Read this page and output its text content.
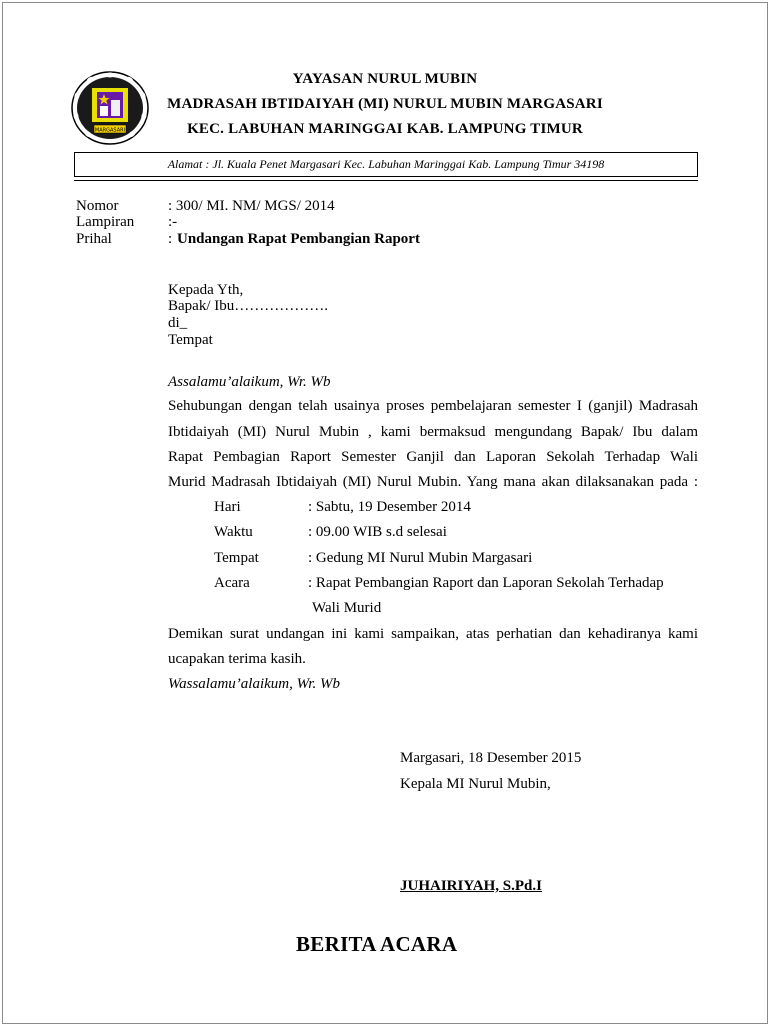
MARGASARI
YAYASAN NURUL MUBIN
MADRASAH IBTIDAIYAH (MI) NURUL MUBIN MARGASARI
KEC. LABUHAN MARINGGAI KAB. LAMPUNG TIMUR
Alamat : Jl. Kuala Penet Margasari Kec. Labuhan Maringgai Kab. Lampung Timur 34198
Nomor	: 300/ MI. NM/ MGS/ 2014
Lampiran :-
Prihal	: Undangan Rapat Pembangian Raport
Kepada Yth,
Bapak/ Ibu……………….
di_
Tempat
Assalamu’alaikum, Wr. Wb
Sehubungan dengan telah usainya proses pembelajaran semester I (ganjil) Madrasah
Ibtidaiyah (MI) Nurul Mubin , kami bermaksud mengundang Bapak/ Ibu dalam
Rapat Pembagian Raport Semester Ganjil dan Laporan Sekolah Terhadap Wali
Murid Madrasah Ibtidaiyah (MI) Nurul Mubin. Yang mana akan dilaksanakan pada :
Hari	: Sabtu, 19 Desember 2014
Waktu	: 09.00 WIB s.d selesai
Tempat	: Gedung MI Nurul Mubin Margasari
Acara	: Rapat Pembangian Raport dan Laporan Sekolah Terhadap
Wali Murid
Demikan surat undangan ini kami sampaikan, atas perhatian dan kehadiranya kami
ucapakan terima kasih.
Wassalamu’alaikum, Wr. Wb
Margasari, 18 Desember 2015
Kepala MI Nurul Mubin,
JUHAIRIYAH, S.Pd.I
BERITA ACARA
